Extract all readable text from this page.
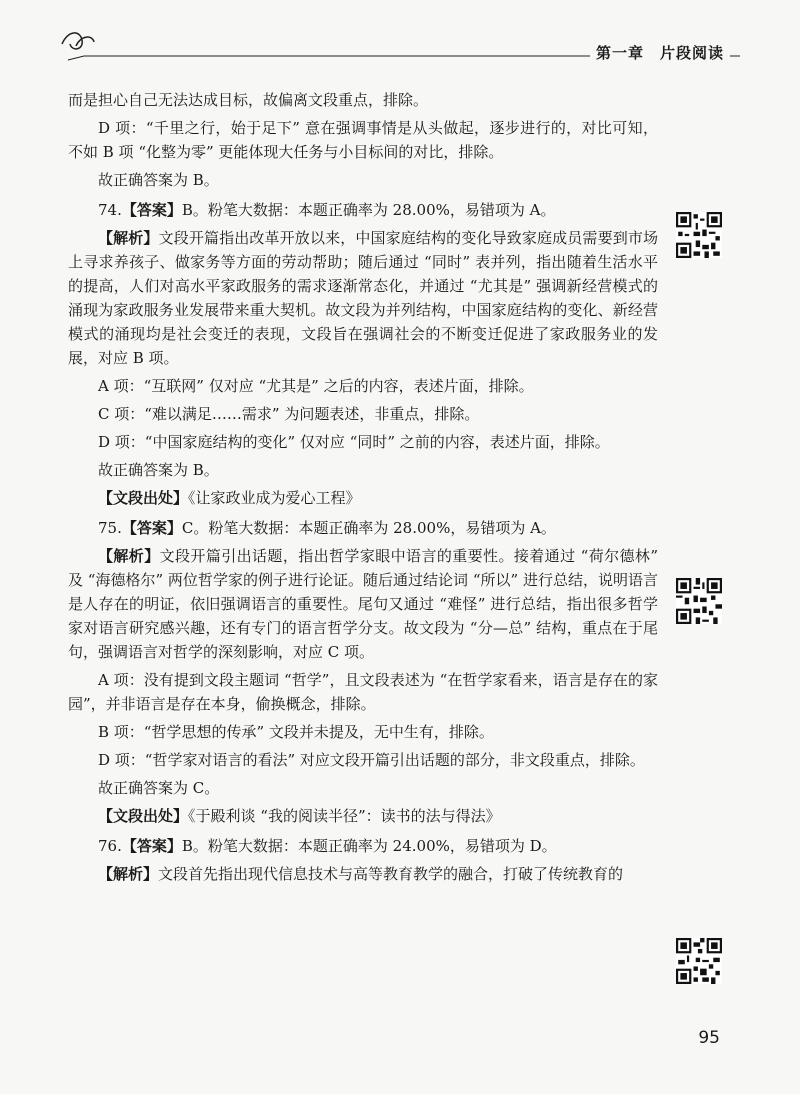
第一章　片段阅读

而是担心自己无法达成目标，故偏离文段重点，排除。

D 项：“千里之行，始于足下” 意在强调事情是从头做起，逐步进行的，对比可知，不如 B 项 “化整为零” 更能体现大任务与小目标间的对比，排除。

故正确答案为 B。

74.【答案】B。粉笔大数据：本题正确率为 28.00%，易错项为 A。

【解析】文段开篇指出改革开放以来，中国家庭结构的变化导致家庭成员需要到市场上寻求养孩子、做家务等方面的劳动帮助；随后通过 “同时” 表并列，指出随着生活水平的提高，人们对高水平家政服务的需求逐渐常态化，并通过 “尤其是” 强调新经营模式的涌现为家政服务业发展带来重大契机。故文段为并列结构，中国家庭结构的变化、新经营模式的涌现均是社会变迁的表现，文段旨在强调社会的不断变迁促进了家政服务业的发展，对应 B 项。

A 项：“互联网” 仅对应 “尤其是” 之后的内容，表述片面，排除。

C 项：“难以满足……需求” 为问题表述，非重点，排除。

D 项：“中国家庭结构的变化” 仅对应 “同时” 之前的内容，表述片面，排除。

故正确答案为 B。

【文段出处】《让家政业成为爱心工程》

75.【答案】C。粉笔大数据：本题正确率为 28.00%，易错项为 A。

【解析】文段开篇引出话题，指出哲学家眼中语言的重要性。接着通过 “荷尔德林” 及 “海德格尔” 两位哲学家的例子进行论证。随后通过结论词 “所以” 进行总结，说明语言是人存在的明证，依旧强调语言的重要性。尾句又通过 “难怪” 进行总结，指出很多哲学家对语言研究感兴趣，还有专门的语言哲学分支。故文段为 “分—总” 结构，重点在于尾句，强调语言对哲学的深刻影响，对应 C 项。

A 项：没有提到文段主题词 “哲学”，且文段表述为 “在哲学家看来，语言是存在的家园”，并非语言是存在本身，偷换概念，排除。

B 项：“哲学思想的传承” 文段并未提及，无中生有，排除。

D 项：“哲学家对语言的看法” 对应文段开篇引出话题的部分，非文段重点，排除。

故正确答案为 C。

【文段出处】《于殿利谈 “我的阅读半径”：读书的法与得法》

76.【答案】B。粉笔大数据：本题正确率为 24.00%，易错项为 D。

【解析】文段首先指出现代信息技术与高等教育教学的融合，打破了传统教育的

95
